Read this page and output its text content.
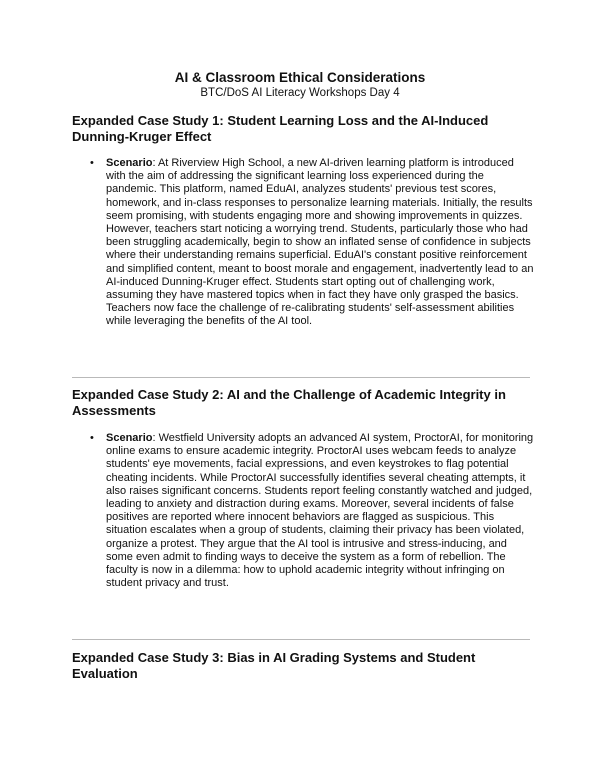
AI & Classroom Ethical Considerations
BTC/DoS AI Literacy Workshops Day 4
Expanded Case Study 1: Student Learning Loss and the AI-Induced Dunning-Kruger Effect
• Scenario: At Riverview High School, a new AI-driven learning platform is introduced with the aim of addressing the significant learning loss experienced during the pandemic. This platform, named EduAI, analyzes students' previous test scores, homework, and in-class responses to personalize learning materials. Initially, the results seem promising, with students engaging more and showing improvements in quizzes. However, teachers start noticing a worrying trend. Students, particularly those who had been struggling academically, begin to show an inflated sense of confidence in subjects where their understanding remains superficial. EduAI's constant positive reinforcement and simplified content, meant to boost morale and engagement, inadvertently lead to an AI-induced Dunning-Kruger effect. Students start opting out of challenging work, assuming they have mastered topics when in fact they have only grasped the basics. Teachers now face the challenge of re-calibrating students' self-assessment abilities while leveraging the benefits of the AI tool.

Expanded Case Study 2: AI and the Challenge of Academic Integrity in Assessments
• Scenario: Westfield University adopts an advanced AI system, ProctorAI, for monitoring online exams to ensure academic integrity. ProctorAI uses webcam feeds to analyze students' eye movements, facial expressions, and even keystrokes to flag potential cheating incidents. While ProctorAI successfully identifies several cheating attempts, it also raises significant concerns. Students report feeling constantly watched and judged, leading to anxiety and distraction during exams. Moreover, several incidents of false positives are reported where innocent behaviors are flagged as suspicious. This situation escalates when a group of students, claiming their privacy has been violated, organize a protest. They argue that the AI tool is intrusive and stress-inducing, and some even admit to finding ways to deceive the system as a form of rebellion. The faculty is now in a dilemma: how to uphold academic integrity without infringing on student privacy and trust.

Expanded Case Study 3: Bias in AI Grading Systems and Student Evaluation
